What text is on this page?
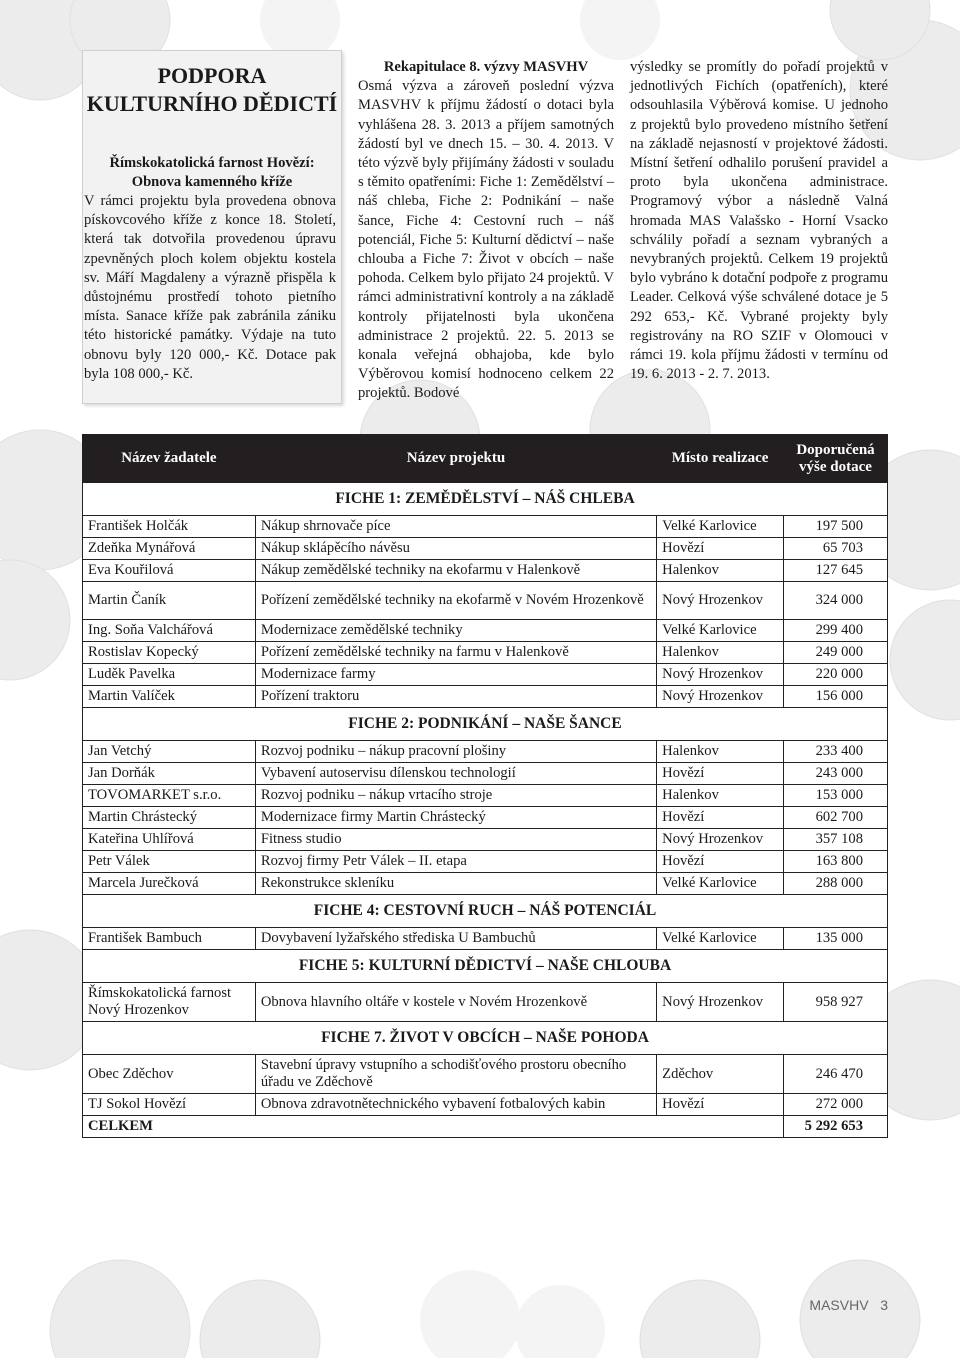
PODPORA KULTURNÍHO DĚDICTÍ
Římskokatolická farnost Hovězí:
Obnova kamenného kříže
V rámci projektu byla provedena obnova pískovcového kříže z konce 18. Století, která tak dotvořila provedenou úpravu zpevněných ploch kolem objektu kostela sv. Máří Magdaleny a výrazně přispěla k důstojnému prostředí tohoto pietního místa. Sanace kříže pak zabránila zániku této historické památky. Výdaje na tuto obnovu byly 120 000,- Kč. Dotace pak byla 108 000,- Kč.
Rekapitulace 8. výzvy MASVHV
Osmá výzva a zároveň poslední výzva MASVHV k příjmu žádostí o dotaci byla vyhlášena 28. 3. 2013 a příjem samotných žádostí byl ve dnech 15. – 30. 4. 2013. V této výzvě byly přijímány žádosti v souladu s těmito opatřeními: Fiche 1: Zemědělství – náš chleba, Fiche 2: Podnikání – naše šance, Fiche 4: Cestovní ruch – náš potenciál, Fiche 5: Kulturní dědictví – naše chlouba a Fiche 7: Život v obcích – naše pohoda. Celkem bylo přijato 24 projektů. V rámci administrativní kontroly a na základě kontroly přijatelnosti byla ukončena administrace 2 projektů. 22. 5. 2013 se konala veřejná obhajoba, kde bylo Výběrovou komisí hodnoceno celkem 22 projektů. Bodové
výsledky se promítly do pořadí projektů v jednotlivých Fichích (opatřeních), které odsouhlasila Výběrová komise. U jednoho z projektů bylo provedeno místního šetření na základě nejasností v projektové žádosti. Místní šetření odhalilo porušení pravidel a proto byla ukončena administrace. Programový výbor a následně Valná hromada MAS Valašsko - Horní Vsacko schválily pořadí a seznam vybraných a nevybraných projektů. Celkem 19 projektů bylo vybráno k dotační podpoře z programu Leader. Celková výše schválené dotace je 5 292 653,- Kč. Vybrané projekty byly registrovány na RO SZIF v Olomouci v rámci 19. kola příjmu žádosti v termínu od 19. 6. 2013 - 2. 7. 2013.
Název žadatele	Název projektu	Místo realizace	Doporučená výše dotace
FICHE 1: ZEMĚDĚLSTVÍ – NÁŠ CHLEBA			
František Holčák	Nákup shrnovače píce	Velké Karlovice	197 500
Zdeňka Mynářová	Nákup sklápěcího návěsu	Hovězí	65 703
Eva Kouřilová	Nákup zemědělské techniky na ekofarmu v Halenkově	Halenkov	127 645
Martin Čaník	Pořízení zemědělské techniky na ekofarmě v Novém Hrozenkově	Nový Hrozenkov	324 000
Ing. Soňa Valchářová	Modernizace zemědělské techniky	Velké Karlovice	299 400
Rostislav Kopecký	Pořízení zemědělské techniky na farmu v Halenkově	Halenkov	249 000
Luděk Pavelka	Modernizace farmy	Nový Hrozenkov	220 000
Martin Valíček	Pořízení traktoru	Nový Hrozenkov	156 000
FICHE 2: PODNIKÁNÍ – NAŠE ŠANCE			
Jan Vetchý	Rozvoj podniku – nákup pracovní plošiny	Halenkov	233 400
Jan Dorňák	Vybavení autoservisu dílenskou technologií	Hovězí	243 000
TOVOMARKET s.r.o.	Rozvoj podniku – nákup vrtacího stroje	Halenkov	153 000
Martin Chrástecký	Modernizace firmy Martin Chrástecký	Hovězí	602 700
Kateřina Uhlířová	Fitness studio	Nový Hrozenkov	357 108
Petr Válek	Rozvoj firmy Petr Válek – II. etapa	Hovězí	163 800
Marcela Jurečková	Rekonstrukce skleníku	Velké Karlovice	288 000
FICHE 4: CESTOVNÍ RUCH – NÁŠ POTENCIÁL			
František Bambuch	Dovybavení lyžařského střediska U Bambuchů	Velké Karlovice	135 000
FICHE 5: KULTURNÍ DĚDICTVÍ – NAŠE CHLOUBA			
Římskokatolická farnost Nový Hrozenkov	Obnova hlavního oltáře v kostele v Novém Hrozenkově	Nový Hrozenkov	958 927
FICHE 7. ŽIVOT V OBCÍCH – NAŠE POHODA			
Obec Zděchov	Stavební úpravy vstupního a schodišťového prostoru obecního úřadu ve Zděchově	Zděchov	246 470
TJ Sokol Hovězí	Obnova zdravotnětechnického vybavení fotbalových kabin	Hovězí	272 000
CELKEM			5 292 653
MASVHV 3
